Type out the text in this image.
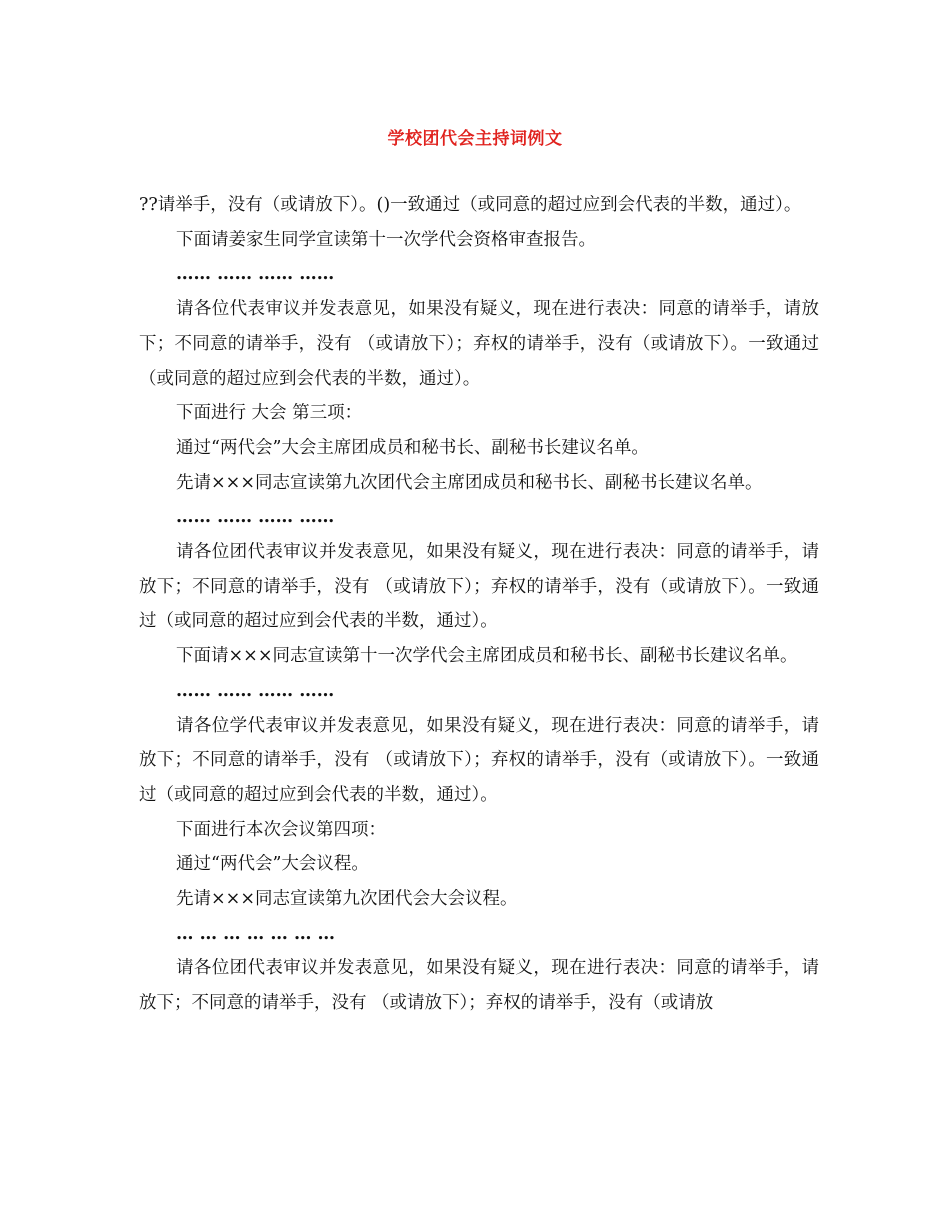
学校团代会主持词例文

??请举手，没有（或请放下）。()一致通过（或同意的超过应到会代表的半数，通过）。

下面请姜家生同学宣读第十一次学代会资格审查报告。

…… …… …… ……

请各位代表审议并发表意见，如果没有疑义，现在进行表决：同意的请举手，请放下；不同意的请举手，没有 （或请放下）；弃权的请举手，没有（或请放下）。一致通过（或同意的超过应到会代表的半数，通过）。

下面进行 大会 第三项：

通过“两代会”大会主席团成员和秘书长、副秘书长建议名单。

先请×××同志宣读第九次团代会主席团成员和秘书长、副秘书长建议名单。

…… …… …… ……

请各位团代表审议并发表意见，如果没有疑义，现在进行表决：同意的请举手，请放下；不同意的请举手，没有 （或请放下）；弃权的请举手，没有（或请放下）。一致通过（或同意的超过应到会代表的半数，通过）。

下面请×××同志宣读第十一次学代会主席团成员和秘书长、副秘书长建议名单。

…… …… …… ……

请各位学代表审议并发表意见，如果没有疑义，现在进行表决：同意的请举手，请放下；不同意的请举手，没有 （或请放下）；弃权的请举手，没有（或请放下）。一致通过（或同意的超过应到会代表的半数，通过）。

下面进行本次会议第四项：

通过“两代会”大会议程。

先请×××同志宣读第九次团代会大会议程。

… … … … … … …

请各位团代表审议并发表意见，如果没有疑义，现在进行表决：同意的请举手，请放下；不同意的请举手，没有 （或请放下）；弃权的请举手，没有（或请放
